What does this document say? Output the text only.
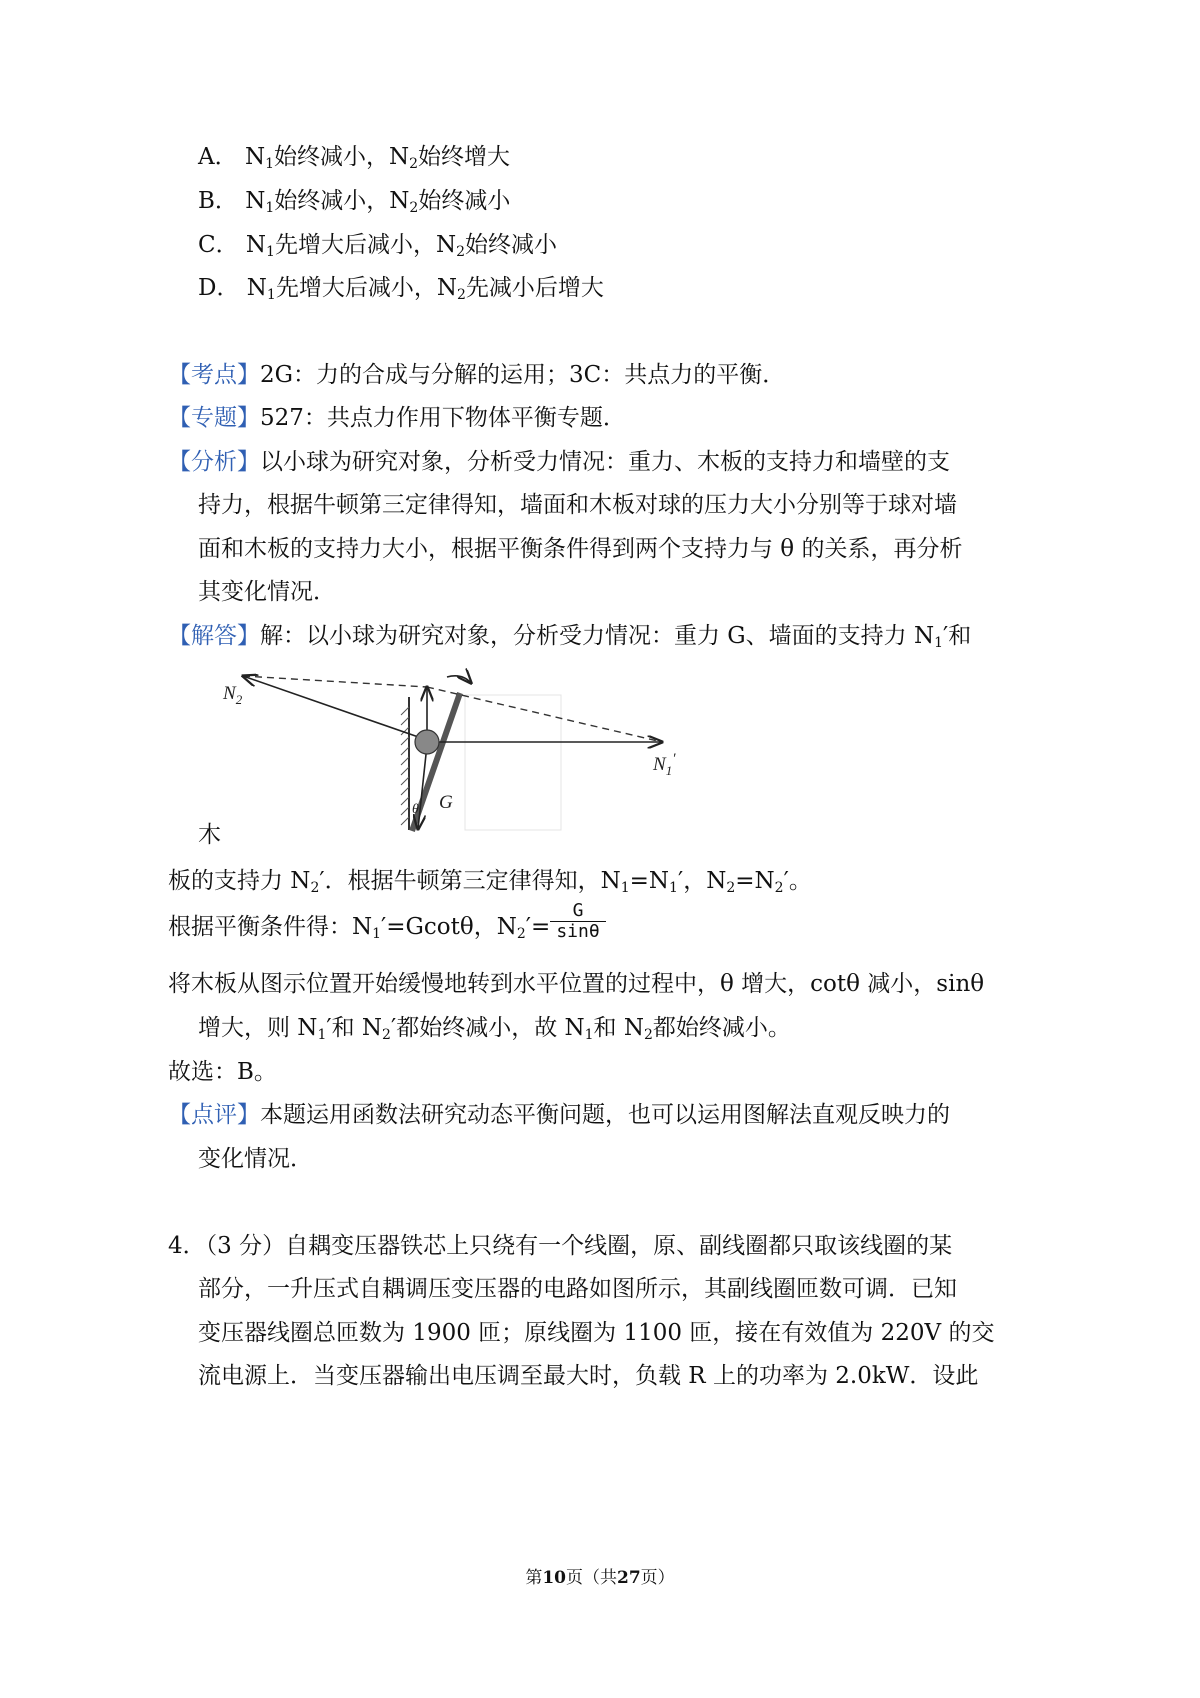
A． $N_1$始终减小，$N_2$始终增大
B． $N_1$始终减小，$N_2$始终减小
C． $N_1$先增大后减小，$N_2$始终减小
D． $N_1$先增大后减小，$N_2$先减小后增大
【考点】2G：力的合成与分解的运用；3C：共点力的平衡．
【专题】527：共点力作用下物体平衡专题．
【分析】以小球为研究对象，分析受力情况：重力、木板的支持力和墙壁的支
持力，根据牛顿第三定律得知，墙面和木板对球的压力大小分别等于球对墙
面和木板的支持力大小，根据平衡条件得到两个支持力与 θ 的关系，再分析
其变化情况．
【解答】解：以小球为研究对象，分析受力情况：重力 G、墙面的支持力 $N_1'$和
$N_2$
$N_1'$
G
θ
木
板的支持力 $N_2'$．根据牛顿第三定律得知，$N_1=N_1'$，$N_2=N_2'$。
根据平衡条件得：$N_1'=Gcot\theta$，$N_2'= \frac{G}{\sin\theta}$
将木板从图示位置开始缓慢地转到水平位置的过程中，θ 增大，cotθ 减小，sinθ
增大，则 $N_1'$和 $N_2'$都始终减小，故 $N_1$和 $N_2$都始终减小。
故选：B。
【点评】本题运用函数法研究动态平衡问题，也可以运用图解法直观反映力的
变化情况．
4．（3 分）自耦变压器铁芯上只绕有一个线圈，原、副线圈都只取该线圈的某
部分，一升压式自耦调压变压器的电路如图所示，其副线圈匝数可调．已知
变压器线圈总匝数为 1900 匝；原线圈为 1100 匝，接在有效值为 220V 的交
流电源上．当变压器输出电压调至最大时，负载 R 上的功率为 2.0kW．设此
第10页（共27页）
